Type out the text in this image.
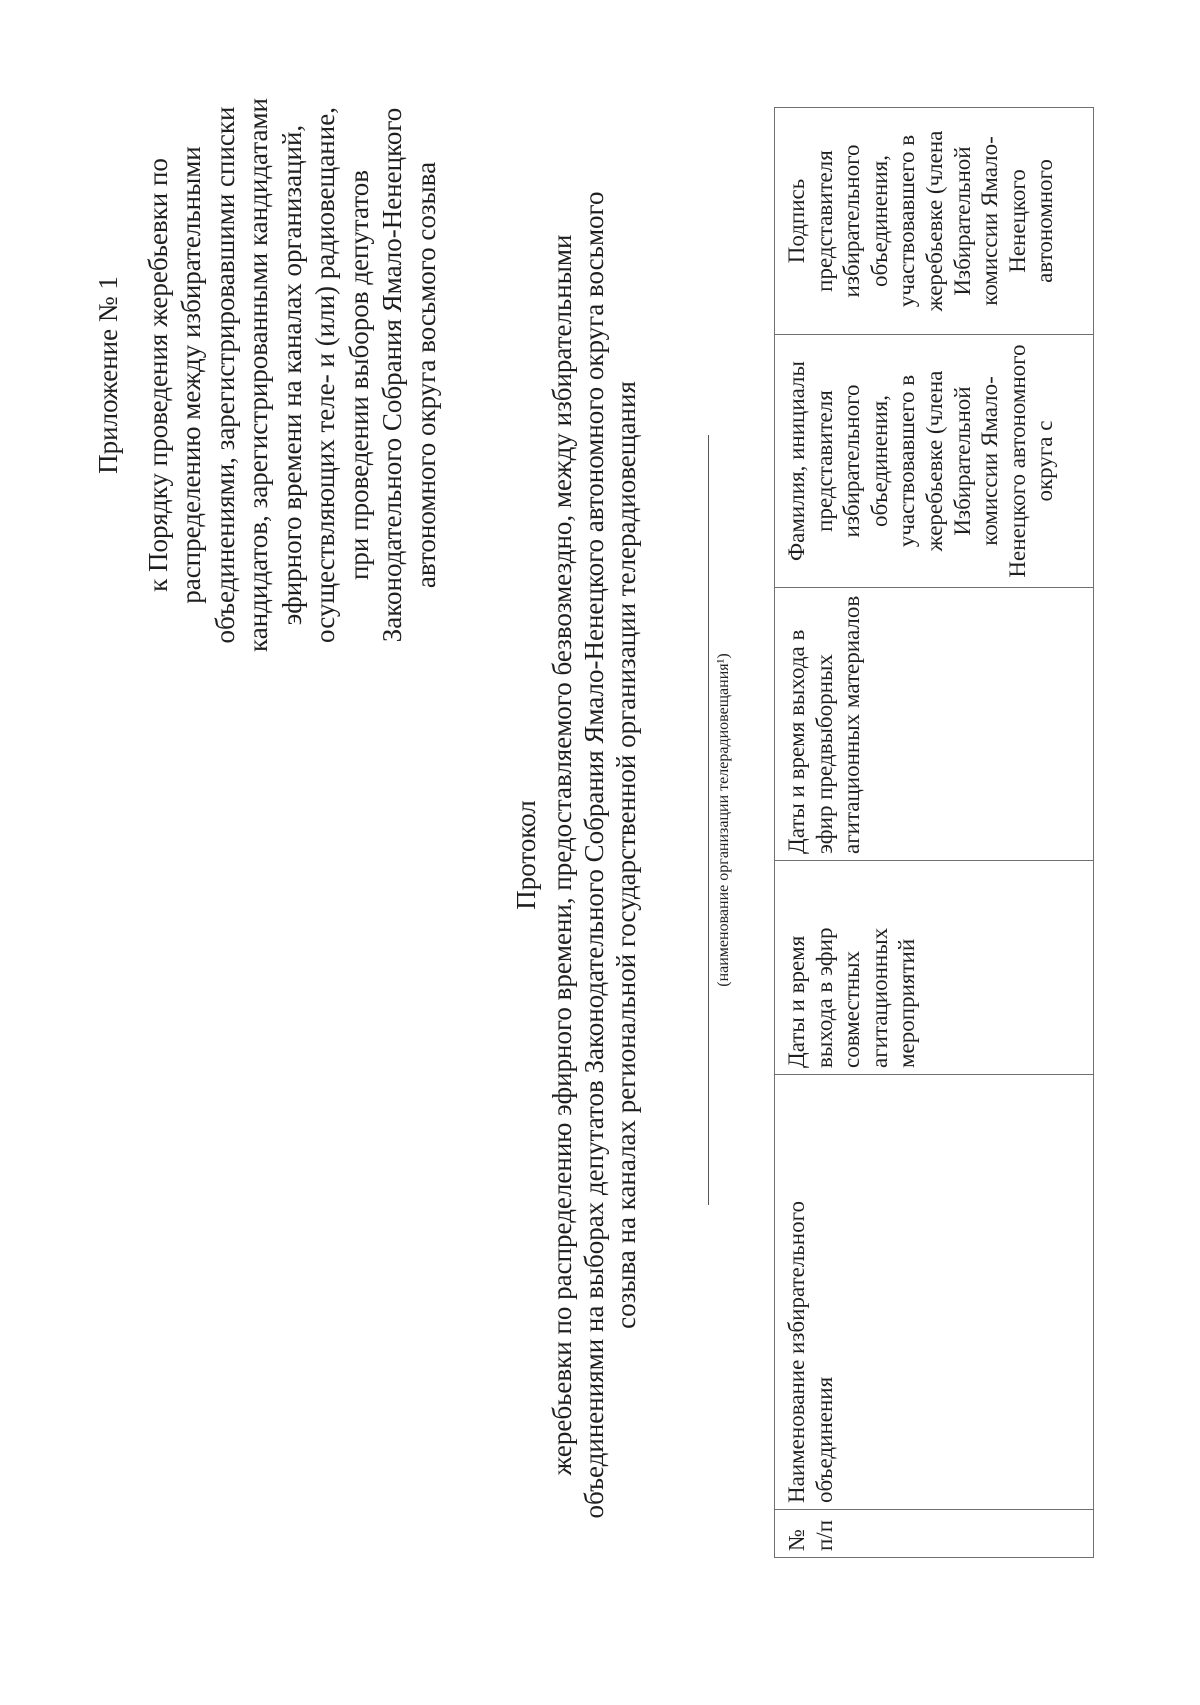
Приложение № 1 к Порядку проведения жеребьевки по распределению между избирательными объединениями, зарегистрировавшими списки кандидатов, зарегистрированными кандидатами эфирного времени на каналах организаций, осуществляющих теле- и (или) радиовещание, при проведении выборов депутатов Законодательного Собрания Ямало-Ненецкого автономного округа восьмого созыва
Протокол жеребьевки по распределению эфирного времени, предоставляемого безвозмездно, между избирательными объединениями на выборах депутатов Законодательного Собрания Ямало-Ненецкого автономного округа восьмого созыва на каналах региональной государственной организации телерадиовещания	(наименование организации телерадиовещания¹)
№ п/п	Наименование избирательного объединения	Даты и время выхода в эфир совместных агитационных мероприятий	Даты и время выхода в эфир предвыборных агитационных материалов	Фамилия, инициалы представителя избирательного объединения, участвовавшего в жеребьевке (члена Избирательной комиссии Ямало-Ненецкого автономного округа с	Подпись представителя избирательного объединения, участвовавшего в жеребьевке (члена Избирательной комиссии Ямало-Ненецкого автономного
